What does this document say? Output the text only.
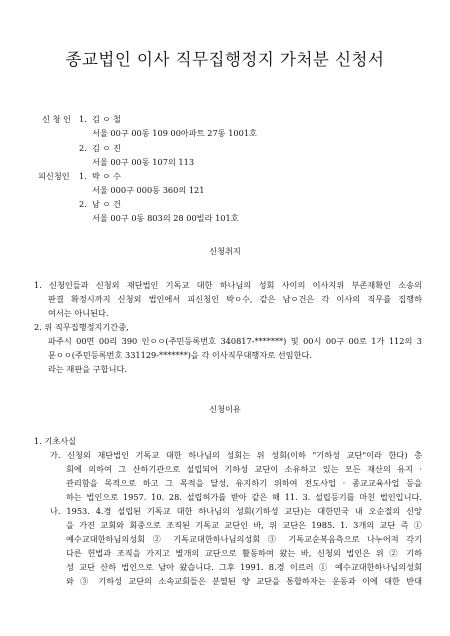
종교법인 이사 직무집행정지 가처분 신청서
신 청 인 1. 김 ㅇ 철
서울 00구 00동 109 00아파트 27동 1001호
2. 김 ㅇ 진
서울 00구 00동 107의 113
피신청인 1. 박 ㅇ 수
서울 000구 000동 360의 121
2. 남 ㅇ 건
서울 00구 0동 803의 28 00빌라 101호
신청취지
1. 신청인들과 신청외 재단법인 기독교 대한 하나님의 성회 사이의 이사지위 부존재확인 소송의
판결 확정시까지 신청외 법인에서 피신청인 박ㅇ수, 같은 남ㅇ건은 각 이사의 직무를 집행하
여서는 아니된다.
2. 위 직무집행정지기간중,
파주시 00면 00리 390 인ㅇㅇ(주민등록번호 340817-*******) 및 00시 00구 00로 1가 112의 3
문ㅇㅇ(주민등록번호 331129-*******)을 각 이사직무대행자로 선임한다.
라는 재판을 구합니다.
신청이유
1. 기초사실
가. 신청외 재단법인 기독교 대한 하나님의 성회는 위 성회(이하 "기하성 교단"이라 한다) 총
회에 의하여 그 산하기관으로 설립되어 기하성 교단이 소유하고 있는 모든 재산의 유지 ·
관리함을 목적으로 하고 그 목적을 달성, 유지하기 위하여 전도사업 · 종교교육사업 등을
하는 법인으로 1957. 10. 28. 설립허가를 받아 같은 해 11. 3. 설립등기를 마친 법인입니다.
나. 1953. 4.경 설립된 기독교 대한 하나님의 성회(기하성 교단)는 대한민국 내 오순절의 신앙
을 가진 교회와 회중으로 조직된 기독교 교단인 바, 위 교단은 1985. 1. 3개의 교단 즉 ①
예수교대한하님의성회 ② 기독교대한하나님의성회 ③ 기독교순복음측으로 나누어져 각기
다른 헌법과 조직을 가지고 별개의 교단으로 활동하여 왔는 바, 신청외 법인은 위 ② 기하
성 교단 산하 법인으로 남아 왔습니다. 그후 1991. 8.경 이르러 ① 예수교대한하나님의성회
와 ③ 기하성 교단의 소속교회들은 분열된 양 교단을 통합하자는 운동과 이에 대한 반대
